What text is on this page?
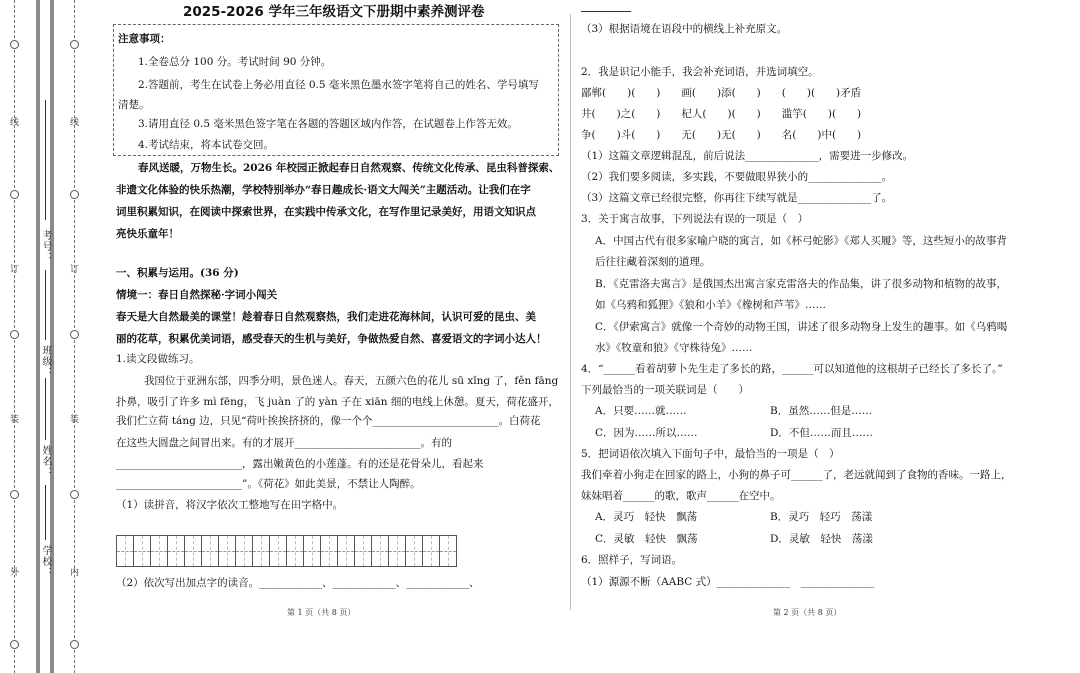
线
订
装
外
线
订
装
内
考号：
班级：
姓名：
学校：
2025-2026 学年三年级语文下册期中素养测评卷
注意事项：
1.全卷总分 100 分。考试时间 90 分钟。
2.答题前，考生在试卷上务必用直径 0.5 毫米黑色墨水签字笔将自己的姓名、学号填写
清楚。
3.请用直径 0.5 毫米黑色签字笔在各题的答题区域内作答，在试题卷上作答无效。
4.考试结束，将本试卷交回。
春风送暖，万物生长。2026 年校园正掀起春日自然观察、传统文化传承、昆虫科普探索、
非遗文化体验的快乐热潮，学校特别举办“春日趣成长·语文大闯关”主题活动。让我们在字
词里积累知识，在阅读中探索世界，在实践中传承文化，在写作里记录美好，用语文知识点
亮快乐童年！
一、积累与运用。(36 分)
情境一：春日自然探秘·字词小闯关
春天是大自然最美的课堂！趁着春日自然观察热，我们走进花海林间，认识可爱的昆虫、美
丽的花草，积累优美词语，感受春天的生机与美好，争做热爱自然、喜爱语文的字词小达人！
1.读文段做练习。
我国位于亚洲东部，四季分明，景色迷人。春天，五颜六色的花儿 sū xǐng 了，fěn fāng
扑鼻，吸引了许多 mì fēng，飞 juàn 了的 yàn 子在 xiān 细的电线上休憩。夏天，荷花盛开，
我们伫立荷 táng 边，只见“荷叶挨挨挤挤的，像一个个________________________。白荷花
在这些大圆盘之间冒出来。有的才展开________________________。有的
________________________，露出嫩黄色的小莲蓬。有的还是花骨朵儿，看起来
________________________”。《荷花》如此美景，不禁让人陶醉。
（1）读拼音，将汉字依次工整地写在田字格中。
（2）依次写出加点字的读音。____________、____________、____________、
第 1 页（共 8 页）
（3）根据语境在语段中的横线上补充原文。
2．我是识记小能手，我会补充词语，并选词填空。
鄙郸(　　)(　　)　　画(　　)添(　　)　　(　　)(　　)矛盾
井(　　)之(　　)　　杞人(　　)(　　)　　滥竽(　　)(　　)
争(　　)斗(　　)　　无(　　)无(　　)　　名(　　)中(　　)
（1）这篇文章逻辑混乱，前后说法______________，需要进一步修改。
（2）我们要多阅读，多实践，不要做眼界狭小的______________。
（3）这篇文章已经很完整，你再往下续写就是______________了。
3．关于寓言故事，下列说法有误的一项是（　）
A．中国古代有很多家喻户晓的寓言，如《杯弓蛇影》《郑人买履》等，这些短小的故事背
后往往藏着深刻的道理。
B．《克雷洛夫寓言》是俄国杰出寓言家克雷洛夫的作品集，讲了很多动物和植物的故事，
如《乌鸦和狐狸》《狼和小羊》《橡树和芦苇》……
C．《伊索寓言》就像一个奇妙的动物王国，讲述了很多动物身上发生的趣事。如《乌鸦喝
水》《牧童和狼》《守株待兔》……
4．“______看着胡萝卜先生走了多长的路，______可以知道他的这根胡子已经长了多长了。”
下列最恰当的一项关联词是（　　）
A．只要……就……	B．虽然……但是……
C．因为……所以……	D．不但……而且……
5．把词语依次填入下面句子中，最恰当的一项是（　）
我们牵着小狗走在回家的路上，小狗的鼻子可______了，老远就闻到了食物的香味。一路上，
妹妹唱着______的歌，歌声______在空中。
A．灵巧　轻快　飘荡	B．灵巧　轻巧　荡漾
C．灵敏　轻快　飘荡	D．灵敏　轻快　荡漾
6．照样子，写词语。
（1）源源不断（AABC 式）______________　______________
第 2 页（共 8 页）
